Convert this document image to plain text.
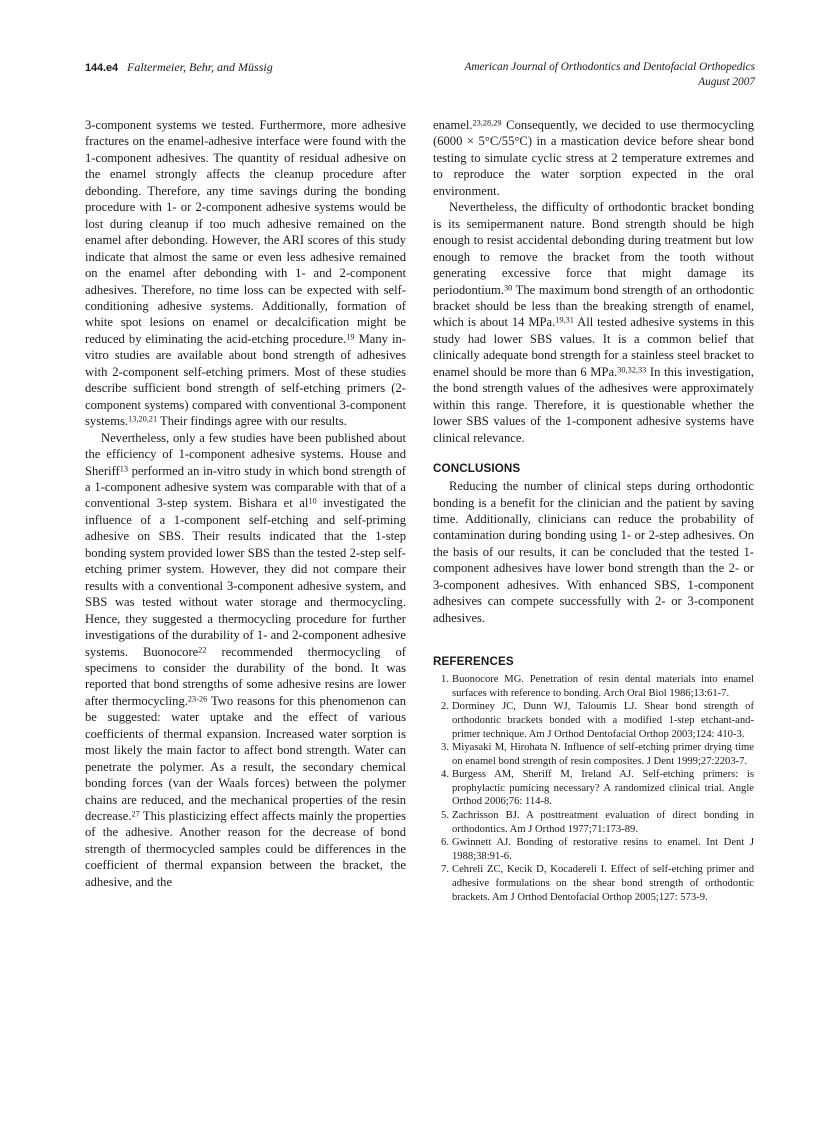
144.e4 Faltermeier, Behr, and Müssig	American Journal of Orthodontics and Dentofacial Orthopedics
August 2007

3-component systems we tested. Furthermore, more adhesive fractures on the enamel-adhesive interface were found with the 1-component adhesives. The quantity of residual adhesive on the enamel strongly affects the cleanup procedure after debonding. Therefore, any time savings during the bonding procedure with 1- or 2-component adhesive systems would be lost during cleanup if too much adhesive remained on the enamel after debonding. However, the ARI scores of this study indicate that almost the same or even less adhesive remained on the enamel after debonding with 1- and 2-component adhesives. Therefore, no time loss can be expected with self-conditioning adhesive systems. Additionally, formation of white spot lesions on enamel or decalcification might be reduced by eliminating the acid-etching procedure.$^{19}$ Many in-vitro studies are available about bond strength of adhesives with 2-component self-etching primers. Most of these studies describe sufficient bond strength of self-etching primers (2-component systems) compared with conventional 3-component systems.$^{13,20,21}$ Their findings agree with our results.

Nevertheless, only a few studies have been published about the efficiency of 1-component adhesive systems. House and Sheriff$^{13}$ performed an in-vitro study in which bond strength of a 1-component adhesive system was comparable with that of a conventional 3-step system. Bishara et $al^{10}$ investigated the influence of a 1-component self-etching and self-priming adhesive on SBS. Their results indicated that the 1-step bonding system provided lower SBS than the tested 2-step self-etching primer system. However, they did not compare their results with a conventional 3-component adhesive system, and SBS was tested without water storage and thermocycling. Hence, they suggested a thermocycling procedure for further investigations of the durability of 1- and 2-component adhesive systems. Buonocore$^{22}$ recommended thermocycling of specimens to consider the durability of the bond. It was reported that bond strengths of some adhesive resins are lower after thermocycling.$^{23-26}$ Two reasons for this phenomenon can be suggested: water uptake and the effect of various coefficients of thermal expansion. Increased water sorption is most likely the main factor to affect bond strength. Water can penetrate the polymer. As a result, the secondary chemical bonding forces (van der Waals forces) between the polymer chains are reduced, and the mechanical properties of the resin decrease.$^{27}$ This plasticizing effect affects mainly the properties of the adhesive. Another reason for the decrease of bond strength of thermocycled samples could be differences in the coefficient of thermal expansion between the bracket, the adhesive, and the

enamel.$^{23,28,29}$ Consequently, we decided to use thermocycling (6000 × 5°C/55°C) in a mastication device before shear bond testing to simulate cyclic stress at 2 temperature extremes and to reproduce the water sorption expected in the oral environment.

Nevertheless, the difficulty of orthodontic bracket bonding is its semipermanent nature. Bond strength should be high enough to resist accidental debonding during treatment but low enough to remove the bracket from the tooth without generating excessive force that might damage its periodontium.$^{30}$ The maximum bond strength of an orthodontic bracket should be less than the breaking strength of enamel, which is about 14 MPa.$^{19,31}$ All tested adhesive systems in this study had lower SBS values. It is a common belief that clinically adequate bond strength for a stainless steel bracket to enamel should be more than 6 MPa.$^{30,32,33}$ In this investigation, the bond strength values of the adhesives were approximately within this range. Therefore, it is questionable whether the lower SBS values of the 1-component adhesive systems have clinical relevance.

CONCLUSIONS

Reducing the number of clinical steps during orthodontic bonding is a benefit for the clinician and the patient by saving time. Additionally, clinicians can reduce the probability of contamination during bonding using 1- or 2-step adhesives. On the basis of our results, it can be concluded that the tested 1-component adhesives have lower bond strength than the 2- or 3-component adhesives. With enhanced SBS, 1-component adhesives can compete successfully with 2- or 3-component adhesives.

REFERENCES
Buonocore MG. Penetration of resin dental materials into enamel surfaces with reference to bonding. Arch Oral Biol 1986;13:61-7.
Dorminey JC, Dunn WJ, Taloumis LJ. Shear bond strength of orthodontic brackets bonded with a modified 1-step etchant-and-primer technique. Am J Orthod Dentofacial Orthop 2003;124: 410-3.
Miyasaki M, Hirohata N. Influence of self-etching primer drying time on enamel bond strength of resin composites. J Dent 1999;27:2203-7.
Burgess AM, Sheriff M, Ireland AJ. Self-etching primers: is prophylactic pumicing necessary? A randomized clinical trial. Angle Orthod 2006;76: 114-8.
Zachrisson BJ. A posttreatment evaluation of direct bonding in orthodontics. Am J Orthod 1977;71:173-89.
Gwinnett AJ. Bonding of restorative resins to enamel. Int Dent J 1988;38:91-6.
Cehreli ZC, Kecik D, Kocadereli I. Effect of self-etching primer and adhesive formulations on the shear bond strength of orthodontic brackets. Am J Orthod Dentofacial Orthop 2005;127: 573-9.
